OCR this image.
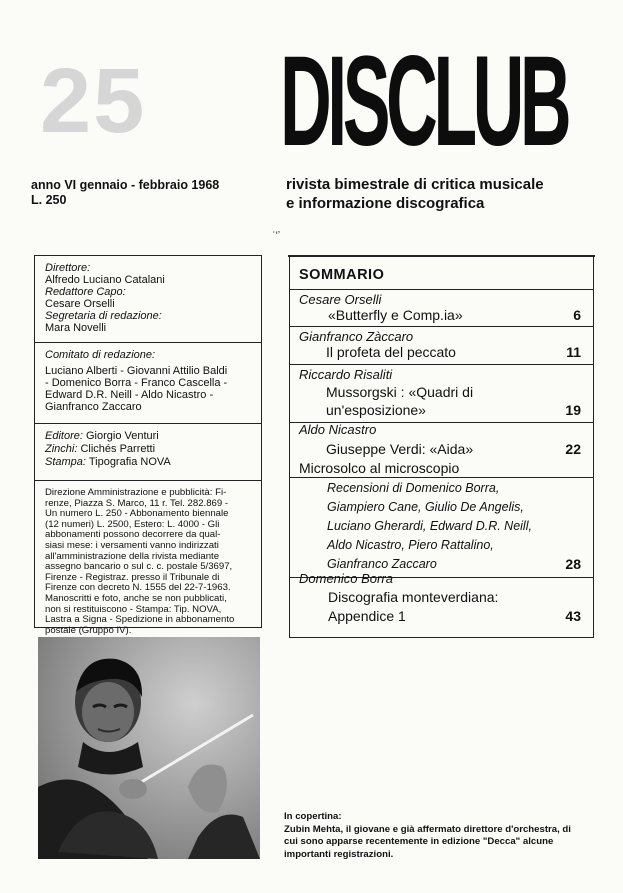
25 DISCLUB
anno VI gennaio - febbraio 1968
L. 250
rivista bimestrale di critica musicale
e informazione discografica
ʿ'ʼ
Direttore:
Alfredo Luciano Catalani
Redattore Capo:
Cesare Orselli
Segretaria di redazione:
Mara Novelli
Comitato di redazione:
Luciano Alberti - Giovanni Attilio Baldi
- Domenico Borra - Franco Cascella -
Edward D.R. Neill - Aldo Nicastro -
Gianfranco Zaccaro
Editore: Giorgio Venturi
Zinchi: Clichés Parretti
Stampa: Tipografia NOVA
Direzione Amministrazione e pubblicità: Fi-
renze, Piazza S. Marco, 11 r. Tel. 282.869 -
Un numero L. 250 - Abbonamento biennale
(12 numeri) L. 2500, Estero: L. 4000 - Gli
abbonamenti possono decorrere da qual-
siasi mese: i versamenti vanno indirizzati
all'amministrazione della rivista mediante
assegno bancario o sul c. c. postale 5/3697,
Firenze - Registraz. presso il Tribunale di
Firenze con decreto N. 1555 del 22-7-1963.
Manoscritti e foto, anche se non pubblicati,
non si restituiscono - Stampa: Tip. NOVA,
Lastra a Signa - Spedizione in abbonamento
postale (Gruppo IV).
SOMMARIO
Cesare Orselli
«Butterfly e Comp.ia»	6
Gianfranco Zàccaro
Il profeta del peccato	11
Riccardo Risaliti
Mussorgski : «Quadri di
un'esposizione»	19
Aldo Nicastro
Giuseppe Verdi: «Aida»	22
Microsolco al microscopio
Recensioni di Domenico Borra,
Giampiero Cane, Giulio De Angelis,
Luciano Gherardi, Edward D.R. Neill,
Aldo Nicastro, Piero Rattalino,
Gianfranco Zaccaro	28
Domenico Borra
Discografia monteverdiana:
Appendice 1	43
In copertina:
Zubin Mehta, il giovane e già affermato direttore d'orchestra, di cui sono apparse recentemente in edizione "Decca" alcune importanti registrazioni.
